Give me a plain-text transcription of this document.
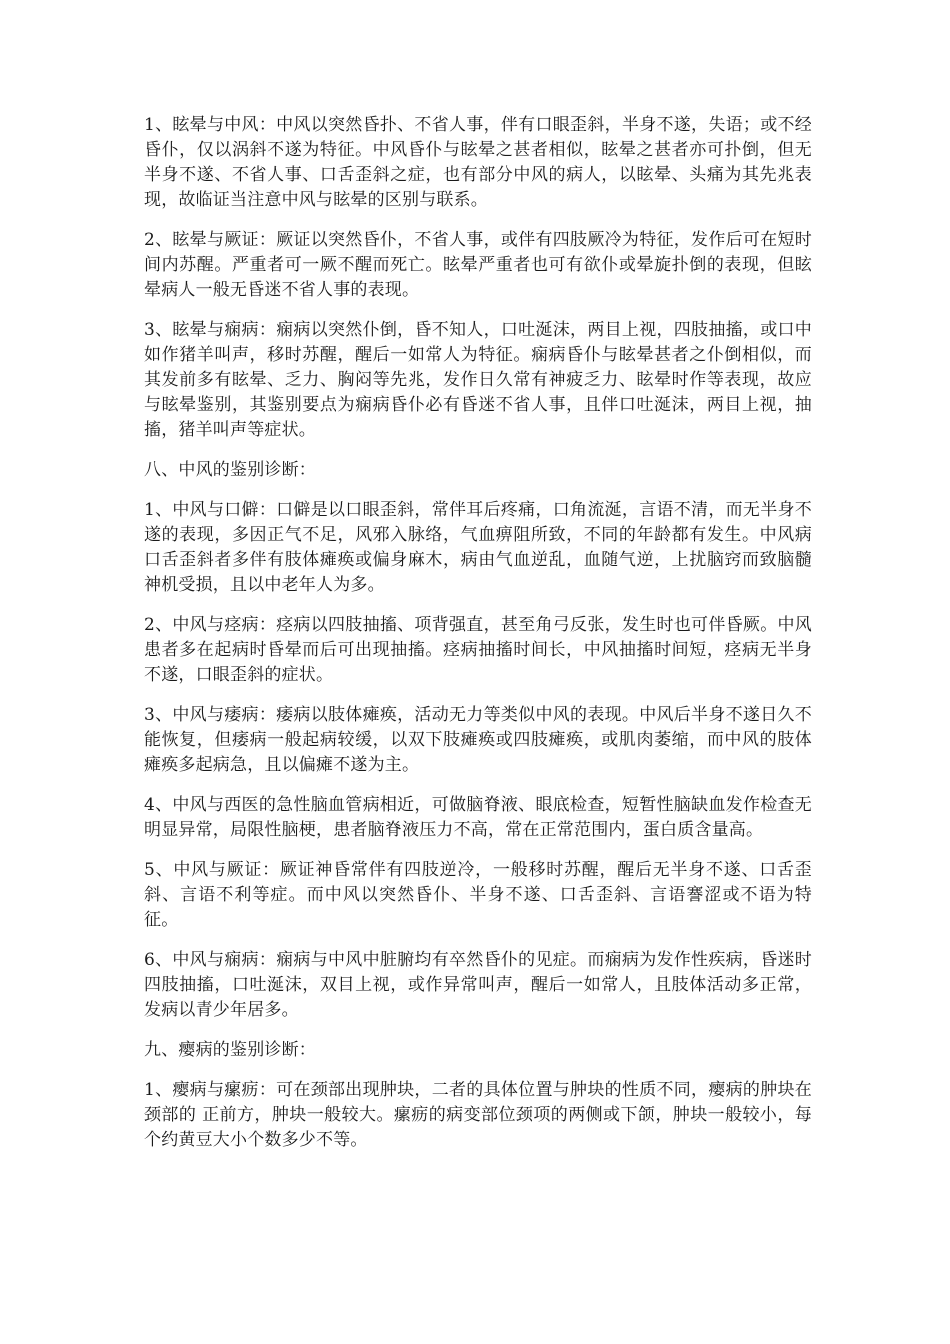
1、眩晕与中风：中风以突然昏扑、不省人事，伴有口眼歪斜，半身不遂，失语；或不经昏仆，仅以涡斜不遂为特征。中风昏仆与眩晕之甚者相似，眩晕之甚者亦可扑倒，但无半身不遂、不省人事、口舌歪斜之症，也有部分中风的病人，以眩晕、头痛为其先兆表现，故临证当注意中风与眩晕的区别与联系。

2、眩晕与厥证：厥证以突然昏仆，不省人事，或伴有四肢厥冷为特征，发作后可在短时间内苏醒。严重者可一厥不醒而死亡。眩晕严重者也可有欲仆或晕旋扑倒的表现，但眩晕病人一般无昏迷不省人事的表现。

3、眩晕与痫病：痫病以突然仆倒，昏不知人，口吐涎沫，两目上视，四肢抽搐，或口中如作猪羊叫声，移时苏醒，醒后一如常人为特征。痫病昏仆与眩晕甚者之仆倒相似，而其发前多有眩晕、乏力、胸闷等先兆，发作日久常有神疲乏力、眩晕时作等表现，故应与眩晕鉴别，其鉴别要点为痫病昏仆必有昏迷不省人事，且伴口吐涎沫，两目上视，抽搐，猪羊叫声等症状。

八、中风的鉴别诊断：

1、中风与口僻：口僻是以口眼歪斜，常伴耳后疼痛，口角流涎，言语不清，而无半身不遂的表现，多因正气不足，风邪入脉络，气血痹阻所致，不同的年龄都有发生。中风病口舌歪斜者多伴有肢体瘫痪或偏身麻木，病由气血逆乱，血随气逆，上扰脑窍而致脑髓神机受损，且以中老年人为多。

2、中风与痉病：痉病以四肢抽搐、项背强直，甚至角弓反张，发生时也可伴昏厥。中风患者多在起病时昏晕而后可出现抽搐。痉病抽搐时间长，中风抽搐时间短，痉病无半身不遂，口眼歪斜的症状。

3、中风与痿病：痿病以肢体瘫痪，活动无力等类似中风的表现。中风后半身不遂日久不能恢复，但痿病一般起病较缓，以双下肢瘫痪或四肢瘫痪，或肌肉萎缩，而中风的肢体瘫痪多起病急，且以偏瘫不遂为主。

4、中风与西医的急性脑血管病相近，可做脑脊液、眼底检查，短暂性脑缺血发作检查无明显异常，局限性脑梗，患者脑脊液压力不高，常在正常范围内，蛋白质含量高。

5、中风与厥证：厥证神昏常伴有四肢逆冷，一般移时苏醒，醒后无半身不遂、口舌歪斜、言语不利等症。而中风以突然昏仆、半身不遂、口舌歪斜、言语謇涩或不语为特征。

6、中风与痫病：痫病与中风中脏腑均有卒然昏仆的见症。而痫病为发作性疾病，昏迷时四肢抽搐，口吐涎沫，双目上视，或作异常叫声，醒后一如常人，且肢体活动多正常，发病以青少年居多。

九、瘿病的鉴别诊断：

1、瘿病与瘰疬：可在颈部出现肿块，二者的具体位置与肿块的性质不同，瘿病的肿块在颈部的 正前方，肿块一般较大。瘰疬的病变部位颈项的两侧或下颌，肿块一般较小，每个约黄豆大小个数多少不等。
